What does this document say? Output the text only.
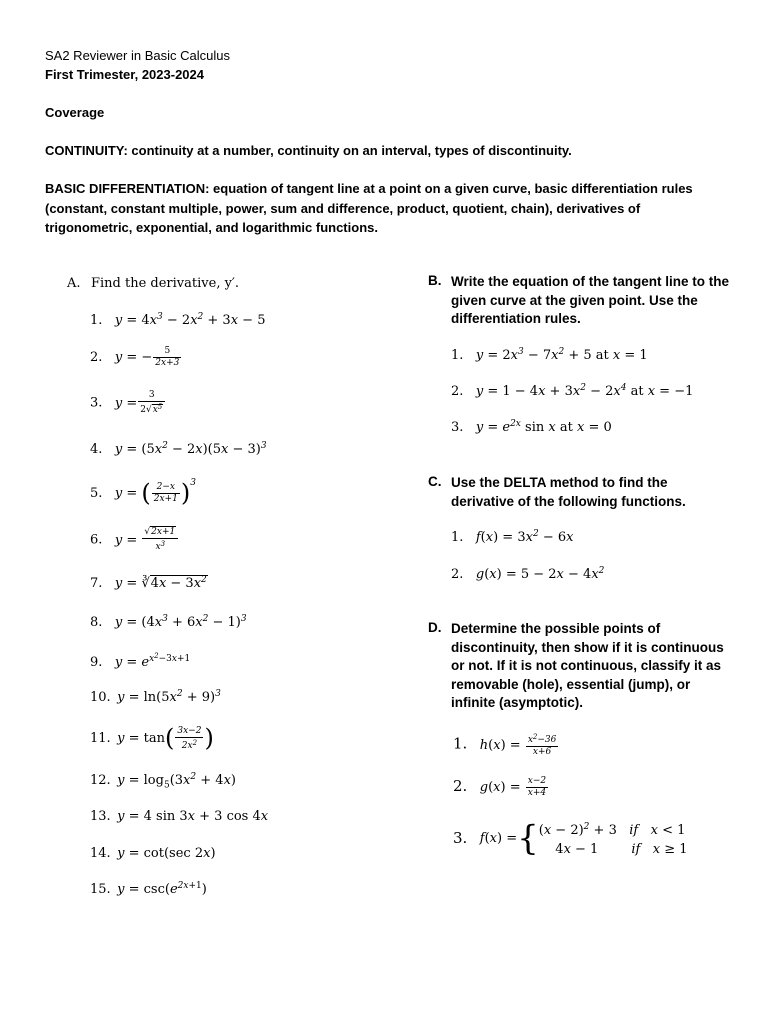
SA2 Reviewer in Basic Calculus
First Trimester, 2023-2024
Coverage
CONTINUITY: continuity at a number, continuity on an interval, types of discontinuity.
BASIC DIFFERENTIATION: equation of tangent line at a point on a given curve, basic differentiation rules (constant, constant multiple, power, sum and difference, product, quotient, chain), derivatives of trigonometric, exponential, and logarithmic functions.
A. Find the derivative, y′.
1. $y = 4x^3 - 2x^2 + 3x - 5$
2. y = − $\frac{5}{2x+3}$
3. $y = \frac{3}{2√x^5}$
4. $y = (5x^2 - 2x)(5x - 3)^3$
5. y = ( $\frac{2-x}{2x+1} )^3$
6. $y = \frac{√2x+1}{x^3}$
7. y = ∛4x − $3x^2$
8. $y = (4x^3 + 6x^2 - 1)^3$
9. $y = e^{x^2-3x+1}$
10. $y = \ln(5x^2 + 9)^3$
11. $y = \tan( \frac{3x-2}{2x^2}$ )
12. $y = \log_5(3x^2 + 4x)$
13. y = 4 sin 3x + 3 cos 4x
14. y = cot(sec 2x)
15. $y = \csc(e^{2x+1})$
B. Write the equation of the tangent line to the given curve at the given point. Use the differentiation rules.
1. $y = 2x^3 - 7x^2 + 5$ at x = 1
2. $y = 1 - 4x + 3x^2 - 2x^4$ at x = −1
3. $y = e^{2x}$ sin x at x = 0
C. Use the DELTA method to find the derivative of the following functions.
1. $f(x) = 3x^2 - 6x$
2. $g(x) = 5 - 2x - 4x^2$
D. Determine the possible points of discontinuity, then show if it is continuous or not. If it is not continuous, classify it as removable (hole), essential (jump), or infinite (asymptotic).
1. $h(x) = \frac{x^2-36}{x+6}$
2. $g(x) = \frac{x-2}{x+4}$
3. $f(x) =\{(x - 2)^2 + 3$   if   x < 1
4x − 1        if   x ≥ 1
